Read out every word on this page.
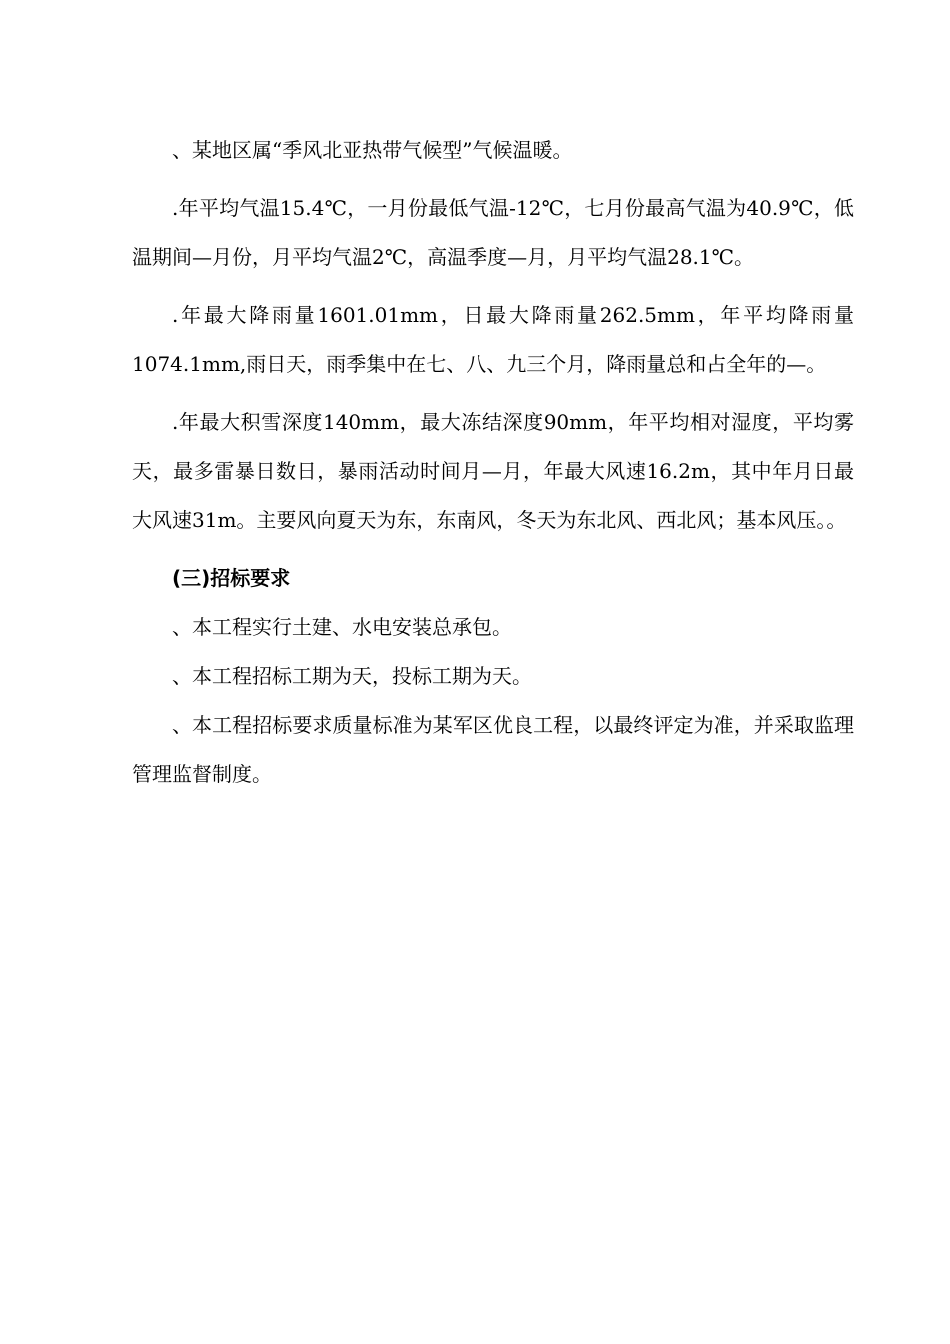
、某地区属“季风北亚热带气候型”气候温暖。

.年平均气温15.4℃，一月份最低气温-12℃，七月份最高气温为40.9℃，低温期间—月份，月平均气温2℃，高温季度—月，月平均气温28.1℃。

.年最大降雨量1601.01mm，日最大降雨量262.5mm，年平均降雨量1074.1mm,雨日天，雨季集中在七、八、九三个月，降雨量总和占全年的—。

.年最大积雪深度140mm，最大冻结深度90mm，年平均相对湿度，平均雾天，最多雷暴日数日，暴雨活动时间月—月，年最大风速16.2m，其中年月日最大风速31m。主要风向夏天为东，东南风，冬天为东北风、西北风；基本风压。。

(三)招标要求

、本工程实行土建、水电安装总承包。

、本工程招标工期为天，投标工期为天。

、本工程招标要求质量标准为某军区优良工程，以最终评定为准，并采取监理管理监督制度。
